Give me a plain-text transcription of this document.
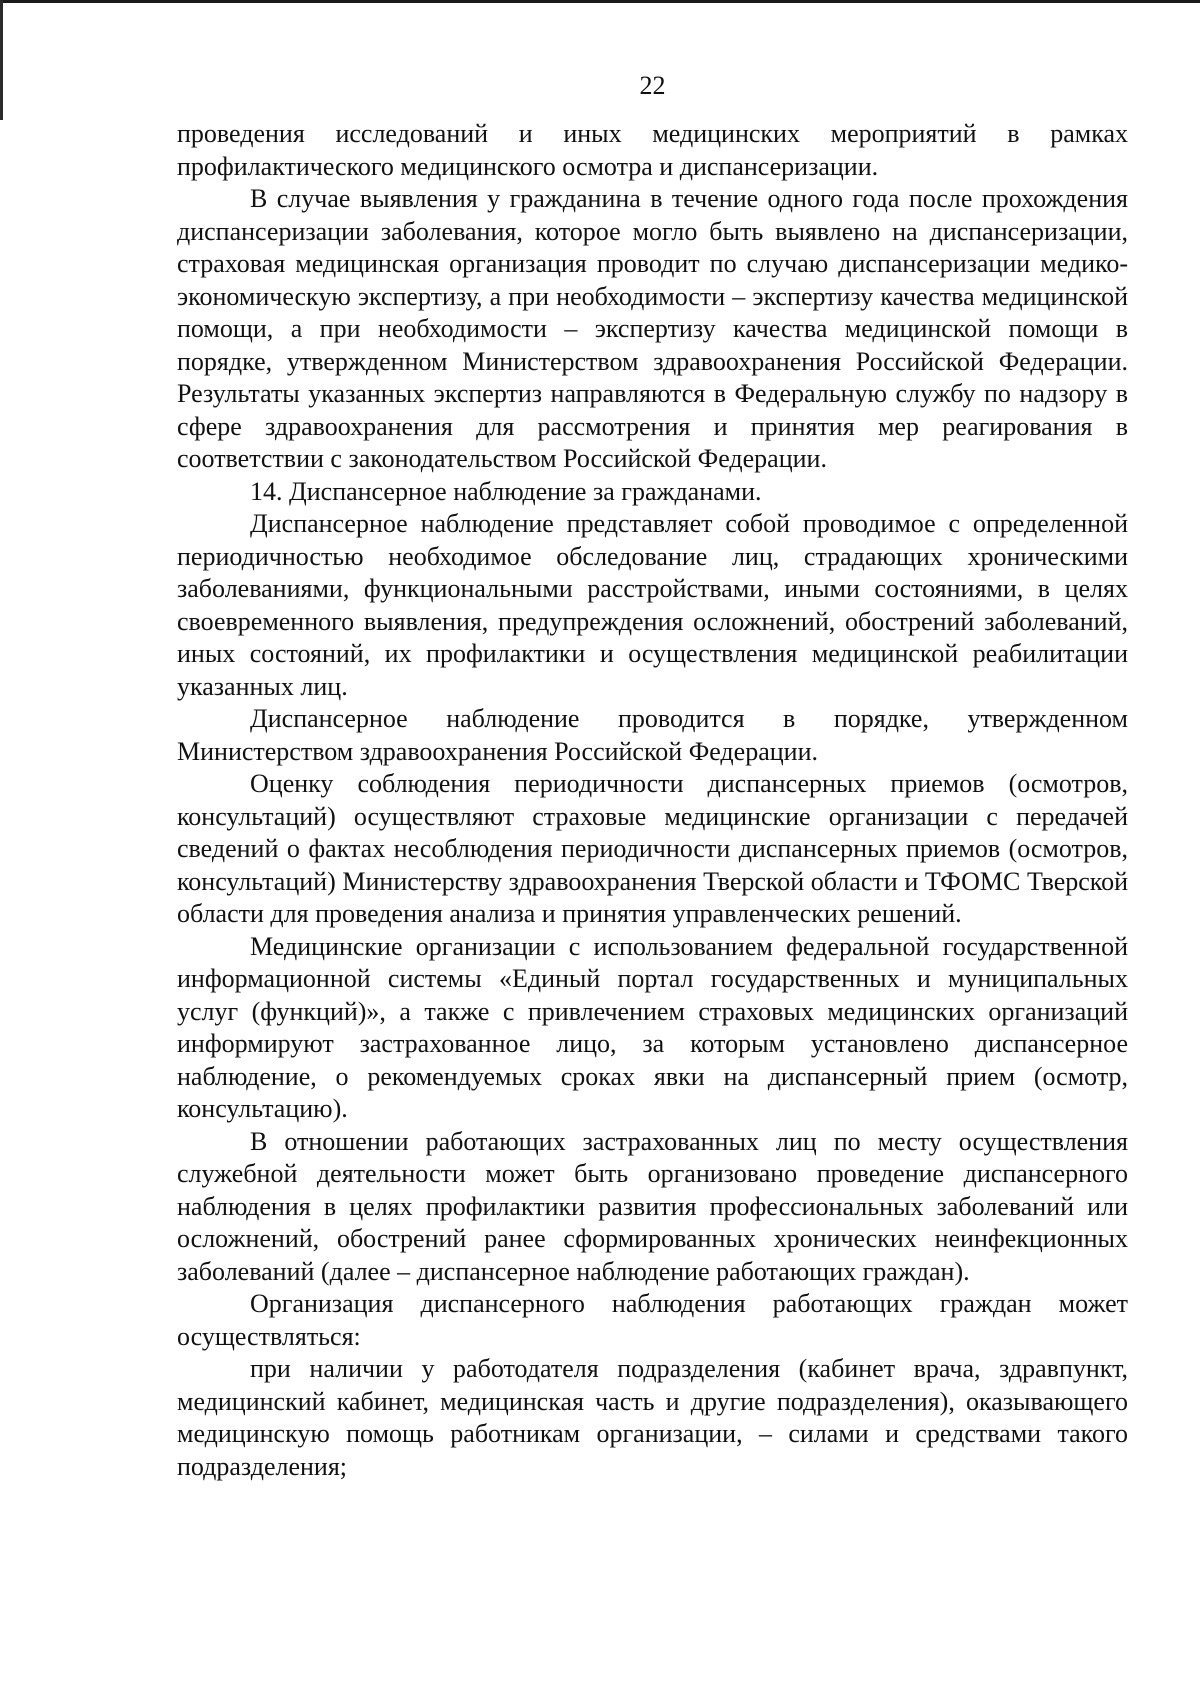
22

проведения исследований и иных медицинских мероприятий в рамках профилактического медицинского осмотра и диспансеризации.

В случае выявления у гражданина в течение одного года после прохождения диспансеризации заболевания, которое могло быть выявлено на диспансеризации, страховая медицинская организация проводит по случаю диспансеризации медико-экономическую экспертизу, а при необходимости – экспертизу качества медицинской помощи, а при необходимости – экспертизу качества медицинской помощи в порядке, утвержденном Министерством здравоохранения Российской Федерации. Результаты указанных экспертиз направляются в Федеральную службу по надзору в сфере здравоохранения для рассмотрения и принятия мер реагирования в соответствии с законодательством Российской Федерации.

14. Диспансерное наблюдение за гражданами.

Диспансерное наблюдение представляет собой проводимое с определенной периодичностью необходимое обследование лиц, страдающих хроническими заболеваниями, функциональными расстройствами, иными состояниями, в целях своевременного выявления, предупреждения осложнений, обострений заболеваний, иных состояний, их профилактики и осуществления медицинской реабилитации указанных лиц.

Диспансерное наблюдение проводится в порядке, утвержденном Министерством здравоохранения Российской Федерации.

Оценку соблюдения периодичности диспансерных приемов (осмотров, консультаций) осуществляют страховые медицинские организации с передачей сведений о фактах несоблюдения периодичности диспансерных приемов (осмотров, консультаций) Министерству здравоохранения Тверской области и ТФОМС Тверской области для проведения анализа и принятия управленческих решений.

Медицинские организации с использованием федеральной государственной информационной системы «Единый портал государственных и муниципальных услуг (функций)», а также с привлечением страховых медицинских организаций информируют застрахованное лицо, за которым установлено диспансерное наблюдение, о рекомендуемых сроках явки на диспансерный прием (осмотр, консультацию).

В отношении работающих застрахованных лиц по месту осуществления служебной деятельности может быть организовано проведение диспансерного наблюдения в целях профилактики развития профессиональных заболеваний или осложнений, обострений ранее сформированных хронических неинфекционных заболеваний (далее – диспансерное наблюдение работающих граждан).

Организация диспансерного наблюдения работающих граждан может осуществляться:

при наличии у работодателя подразделения (кабинет врача, здравпункт, медицинский кабинет, медицинская часть и другие подразделения), оказывающего медицинскую помощь работникам организации, – силами и средствами такого подразделения;
